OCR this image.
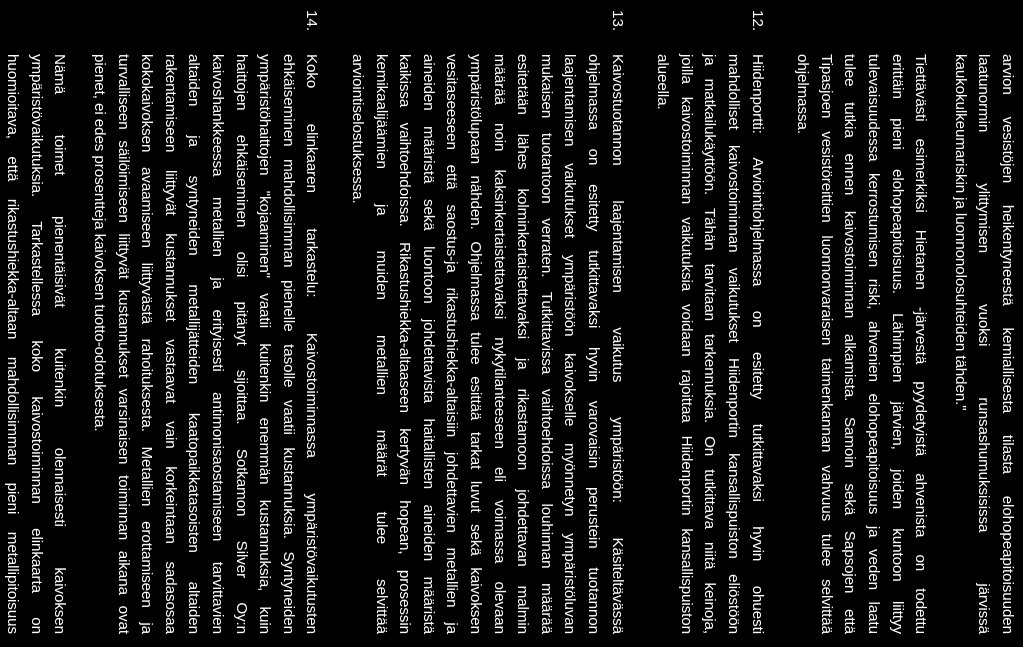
arvion vesistöjen heikentyneestä kemiallisesta tilasta elohopeapitoisuuden
laatunormin ylittymisen vuoksi runsashumuksisissa järvissä
kaukokulkeumariskin ja luonnonolosuhteiden tähden."
Tiettävästi esimerkiksi Hietanen -järvestä pyydetyistä ahvenista on todettu
erittäin pieni elohopeapitoisuus. Lähimpien järvien, joiden kuntoon liittyy
tulevaisuudessa kerrostumisen riski, ahvenien elohopeapitoisuus ja veden laatu
tulee tutkia ennen kaivostoiminnan alkamista. Samoin sekä Sapsojen että
Tipasjoen vesistöreittien luonnonvaraisen taimenkannan vahvuus tulee selvittää
ohjelmassa.
12.
Hiidenportti: Arviointiohjelmassa on esitetty tutkittavaksi hyvin ohuesti
mahdolliset kaivostoiminnan vaikutukset Hiidenportin kansallispuiston eliöstöön
ja matkailukäyttöön. Tähän tarvitaan tarkennuksia. On tutkittava niitä keinoja,
joilla kaivostoiminnan vaikutuksia voidaan rajoittaa Hiidenportin kansallispuiston
alueella.
13.
Kaivostuotannon laajentamisen vaikutus ympäristöön: Käsiteltävässä
ohjelmassa on esitetty tutkittavaksi hyvin varovaisin perustein tuotannon
laajentamisen vaikutukset ympäristöön kaivokselle myönnetyn ympäristöluvan
mukaisen tuotantoon verraten. Tutkittavissa vaihtoehdoissa louhinnan määrää
esitetään lähes kolminkertaistettavaksi ja rikastamoon johdettavan malmin
määrää noin kaksinkertaistettavaksi nykytilanteeseen eli voimassa olevaan
ympäristölupaan nähden. Ohjelmassa tulee esittää tarkat luvut sekä kaivoksen
vesitaseeseen että saostus-ja rikastushiekka-altaisiin johdettavien metallien ja
aineiden määristä sekä luontoon johdettavista haitallisten aineiden määristä
kaikissa vaihtoehdoissa. Rikastushiekka-altaaseen kertyvän hopean, prosessin
kemikaalijäämien ja muiden metallien määrät tulee selvittää
arviointiselostuksessa.
14.
Koko elinkaaren tarkastelu: Kaivostoiminnassa ympäristövaikutusten
ehkäiseminen mahdollisimman pienelle tasolle vaatii kustannuksia. Syntyneiden
ympäristöhaittojen "kojaaminen" vaatii kuitenkin enemmän kustannuksia, kuin
haittojen ehkäiseminen olisi pitänyt sijoittaa. Sotkamon Silver Oy:n
kaivoshankkeessa metallien ja erityisesti antimonisaostamiseen tarvittavien
altaiden ja syntyneiden metallijätteiden kaatopaikkatasoisten altaiden
rakentamiseen liittyvät kustannukset vastaavat vain korkeintaan sadasosaa
kokokaivoksen avaamiseen liittyvästä rahoituksesta. Metallien erottamiseen ja
turvalliseen säilöimiseen liittyvät kustannukset varsinaisen toiminnan aikana ovat
pienet, ei edes prosentteja kaivoksen tuotto-odotuksesta.
Nämä toimet pienentäisivät kuitenkin olennaisesti kaivoksen
ympäristövaikutuksia. Tarkastellessa koko kaivostoiminnan elinkaarta on
huomioitava, että rikastushiekka-altaan mahdollisimman pieni metallipitoisuus
